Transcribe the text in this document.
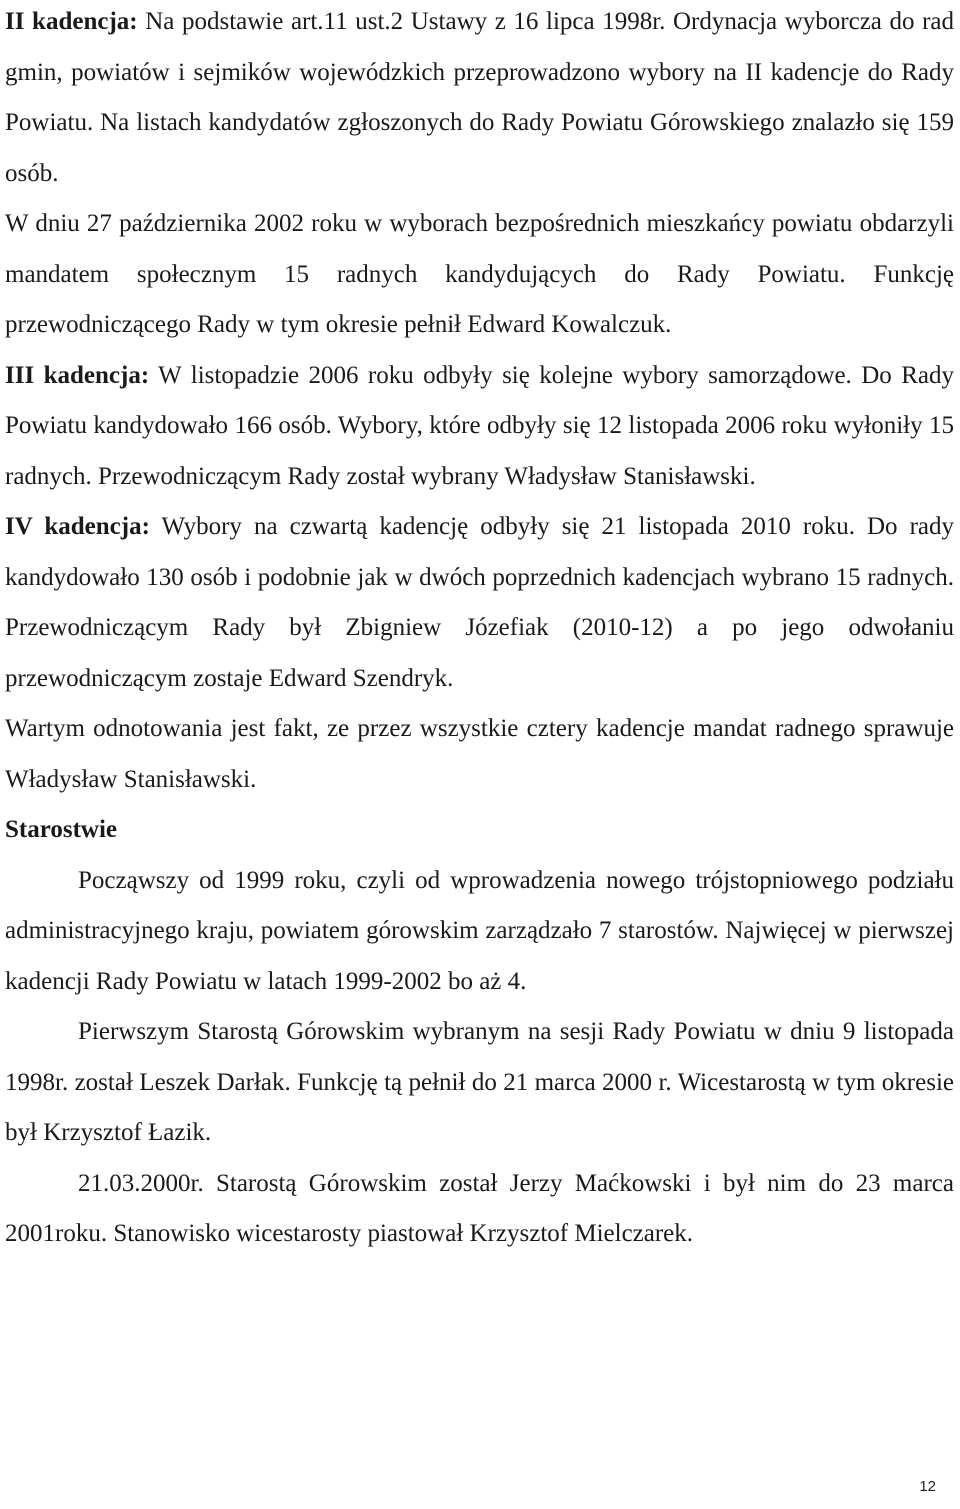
II kadencja: Na podstawie art.11 ust.2 Ustawy z 16 lipca 1998r. Ordynacja wyborcza do rad gmin, powiatów i sejmików wojewódzkich przeprowadzono wybory na II kadencje do Rady Powiatu. Na listach kandydatów zgłoszonych do Rady Powiatu Górowskiego znalazło się 159 osób.

W dniu 27 października 2002 roku w wyborach bezpośrednich mieszkańcy powiatu obdarzyli mandatem społecznym 15 radnych kandydujących do Rady Powiatu. Funkcję przewodniczącego Rady w tym okresie pełnił Edward Kowalczuk.

III kadencja: W listopadzie 2006 roku odbyły się kolejne wybory samorządowe. Do Rady Powiatu kandydowało 166 osób. Wybory, które odbyły się 12 listopada 2006 roku wyłoniły 15 radnych. Przewodniczącym Rady został wybrany Władysław Stanisławski.

IV kadencja: Wybory na czwartą kadencję odbyły się 21 listopada 2010 roku. Do rady kandydowało 130 osób i podobnie jak w dwóch poprzednich kadencjach wybrano 15 radnych. Przewodniczącym Rady był Zbigniew Józefiak (2010-12) a po jego odwołaniu przewodniczącym zostaje Edward Szendryk.

Wartym odnotowania jest fakt, ze przez wszystkie cztery kadencje mandat radnego sprawuje Władysław Stanisławski.

Starostwie

Począwszy od 1999 roku, czyli od wprowadzenia nowego trójstopniowego podziału administracyjnego kraju, powiatem górowskim zarządzało 7 starostów. Najwięcej w pierwszej kadencji Rady Powiatu w latach 1999-2002 bo aż 4.

Pierwszym Starostą Górowskim wybranym na sesji Rady Powiatu w dniu 9 listopada 1998r. został Leszek Darłak. Funkcję tą pełnił do 21 marca 2000 r. Wicestarostą w tym okresie był Krzysztof Łazik.

21.03.2000r. Starostą Górowskim został Jerzy Maćkowski i był nim do 23 marca 2001roku. Stanowisko wicestarosty piastował Krzysztof Mielczarek.

12
